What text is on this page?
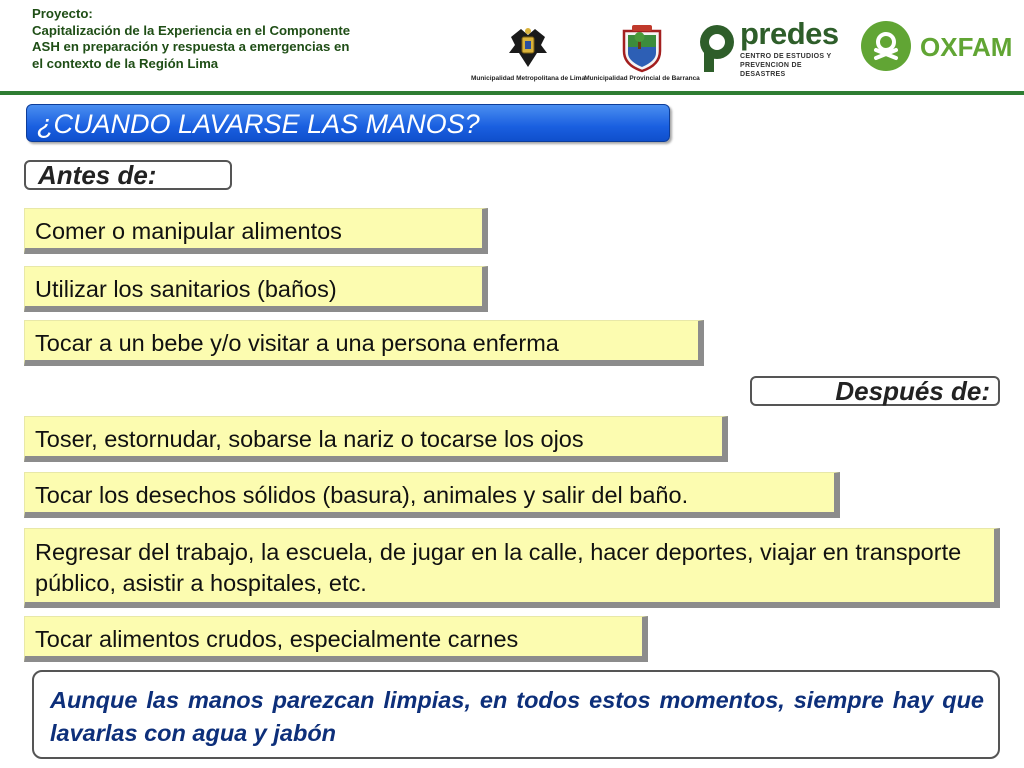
Proyecto:
Capitalización de la Experiencia en el Componente
ASH en preparación y respuesta a emergencias en
el contexto de la Región Lima
Municipalidad Metropolitana de Lima Municipalidad Provincial de Barranca
predes
CENTRO DE ESTUDIOS Y
PREVENCION DE DESASTRES
OXFAM
¿CUANDO LAVARSE LAS MANOS?
Antes de:
Comer o manipular alimentos
Utilizar los sanitarios (baños)
Tocar a un bebe y/o visitar a una persona enferma
Después de:
Toser, estornudar, sobarse la nariz o tocarse los ojos
Tocar los desechos sólidos (basura), animales y salir del baño.
Regresar del trabajo, la escuela, de jugar en la calle, hacer deportes, viajar en transporte público, asistir a hospitales, etc.
Tocar alimentos crudos, especialmente carnes
Aunque las manos parezcan limpias, en todos estos momentos, siempre hay que lavarlas con agua y jabón
